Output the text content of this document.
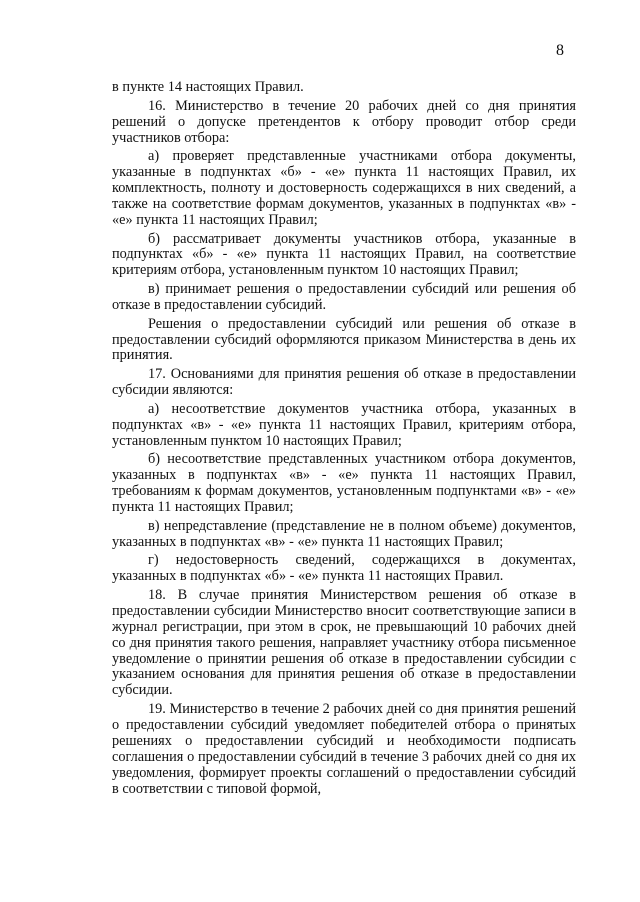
8

в пункте 14 настоящих Правил.

16. Министерство в течение 20 рабочих дней со дня принятия решений о допуске претендентов к отбору проводит отбор среди участников отбора:

а) проверяет представленные участниками отбора документы, указанные в подпунктах «б» - «е» пункта 11 настоящих Правил, их комплектность, полноту и достоверность содержащихся в них сведений, а также на соответствие формам документов, указанных в подпунктах «в» - «е» пункта 11 настоящих Правил;

б) рассматривает документы участников отбора, указанные в подпунктах «б» - «е» пункта 11 настоящих Правил, на соответствие критериям отбора, установленным пунктом 10 настоящих Правил;

в) принимает решения о предоставлении субсидий или решения об отказе в предоставлении субсидий.

Решения о предоставлении субсидий или решения об отказе в предоставлении субсидий оформляются приказом Министерства в день их принятия.

17. Основаниями для принятия решения об отказе в предоставлении субсидии являются:

а) несоответствие документов участника отбора, указанных в подпунктах «в» - «е» пункта 11 настоящих Правил, критериям отбора, установленным пунктом 10 настоящих Правил;

б) несоответствие представленных участником отбора документов, указанных в подпунктах «в» - «е» пункта 11 настоящих Правил, требованиям к формам документов, установленным подпунктами «в» - «е» пункта 11 настоящих Правил;

в) непредставление (представление не в полном объеме) документов, указанных в подпунктах «в» - «е» пункта 11 настоящих Правил;

г) недостоверность сведений, содержащихся в документах, указанных в подпунктах «б» - «е» пункта 11 настоящих Правил.

18. В случае принятия Министерством решения об отказе в предоставлении субсидии Министерство вносит соответствующие записи в журнал регистрации, при этом в срок, не превышающий 10 рабочих дней со дня принятия такого решения, направляет участнику отбора письменное уведомление о принятии решения об отказе в предоставлении субсидии с указанием основания для принятия решения об отказе в предоставлении субсидии.

19. Министерство в течение 2 рабочих дней со дня принятия решений о предоставлении субсидий уведомляет победителей отбора о принятых решениях о предоставлении субсидий и необходимости подписать соглашения о предоставлении субсидий в течение 3 рабочих дней со дня их уведомления, формирует проекты соглашений о предоставлении субсидий в соответствии с типовой формой,
